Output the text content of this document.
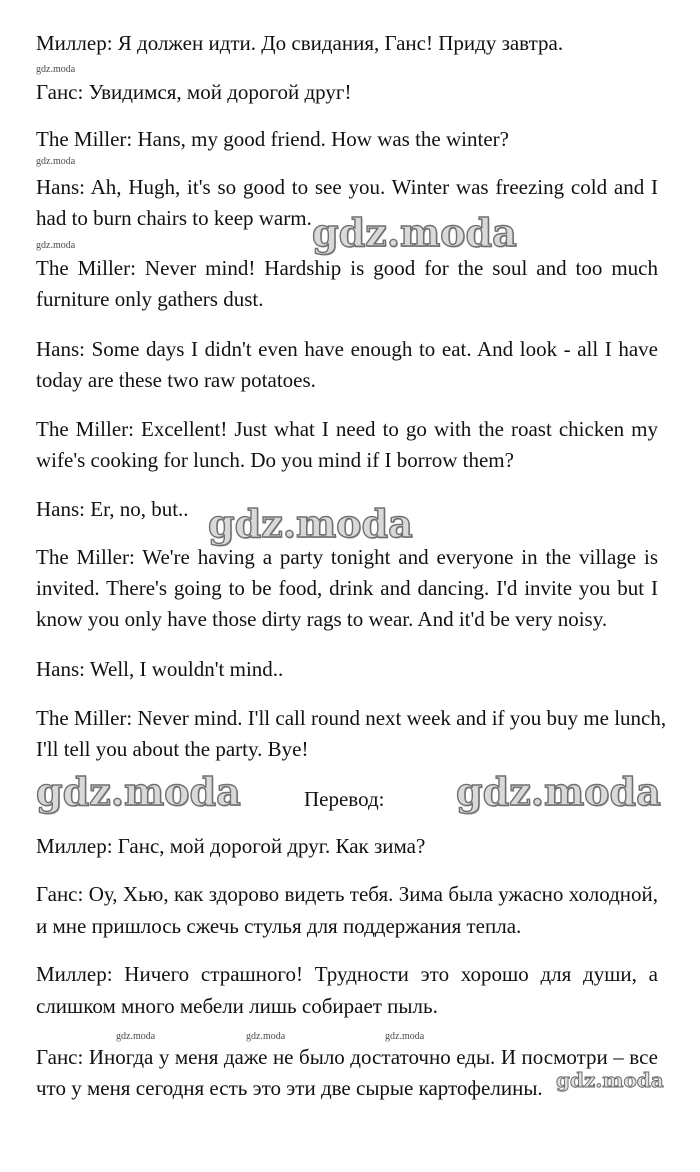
Миллер: Я должен идти. До свидания, Ганс! Приду завтра.
gdz.moda
Ганс: Увидимся, мой дорогой друг!
The Miller: Hans, my good friend. How was the winter?
gdz.moda
Hans: Ah, Hugh, it's so good to see you. Winter was freezing cold and I
had to burn chairs to keep warm. gdz.moda
gdz.moda
The Miller: Never mind! Hardship is good for the soul and too much
furniture only gathers dust.
Hans: Some days I didn't even have enough to eat. And look - all I have
today are these two raw potatoes.
The Miller: Excellent! Just what I need to go with the roast chicken my
wife's cooking for lunch. Do you mind if I borrow them?
Hans: Er, no, but.. gdz.moda
The Miller: We're having a party tonight and everyone in the village is
invited. There's going to be food, drink and dancing. I'd invite you but I
know you only have those dirty rags to wear. And it'd be very noisy.
Hans: Well, I wouldn't mind..
The Miller: Never mind. I'll call round next week and if you buy me lunch,
I'll tell you about the party. Bye!
gdz.moda	Перевод: gdz.moda
Миллер: Ганс, мой дорогой друг. Как зима?
Ганс: Оу, Хью, как здорово видеть тебя. Зима была ужасно холодной,
и мне пришлось сжечь стулья для поддержания тепла.
Миллер: Ничего страшного! Трудности это хорошо для души, а
слишком много мебели лишь собирает пыль.
gdz.moda	gdz.moda	gdz.moda
Ганс: Иногда у меня даже не было достаточно еды. И посмотри – все
что у меня сегодня есть это эти две сырые картофелины. gdz.moda
